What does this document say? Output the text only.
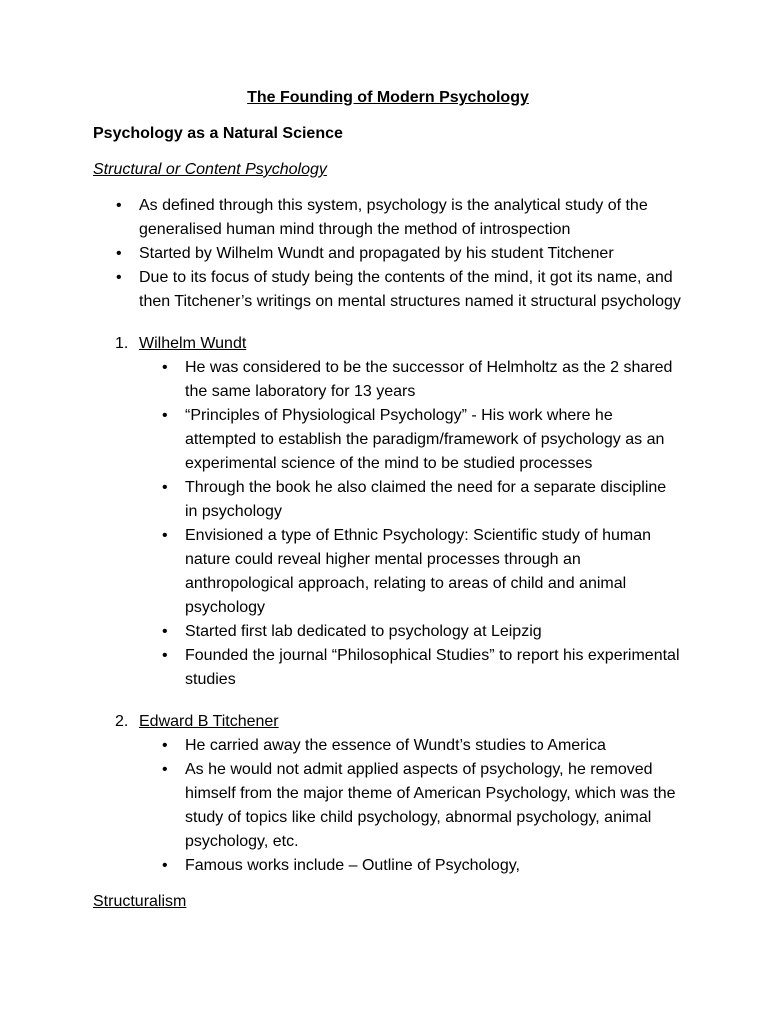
The Founding of Modern Psychology
Psychology as a Natural Science
Structural or Content Psychology
• As defined through this system, psychology is the analytical study of the generalised human mind through the method of introspection
• Started by Wilhelm Wundt and propagated by his student Titchener
• Due to its focus of study being the contents of the mind, it got its name, and then Titchener’s writings on mental structures named it structural psychology
1. Wilhelm Wundt
• He was considered to be the successor of Helmholtz as the 2 shared the same laboratory for 13 years
• “Principles of Physiological Psychology” - His work where he attempted to establish the paradigm/framework of psychology as an experimental science of the mind to be studied processes
• Through the book he also claimed the need for a separate discipline in psychology
• Envisioned a type of Ethnic Psychology: Scientific study of human nature could reveal higher mental processes through an anthropological approach, relating to areas of child and animal psychology
• Started first lab dedicated to psychology at Leipzig
• Founded the journal “Philosophical Studies” to report his experimental studies
2. Edward B Titchener
• He carried away the essence of Wundt’s studies to America
• As he would not admit applied aspects of psychology, he removed himself from the major theme of American Psychology, which was the study of topics like child psychology, abnormal psychology, animal psychology, etc.
• Famous works include – Outline of Psychology,
Structuralism
